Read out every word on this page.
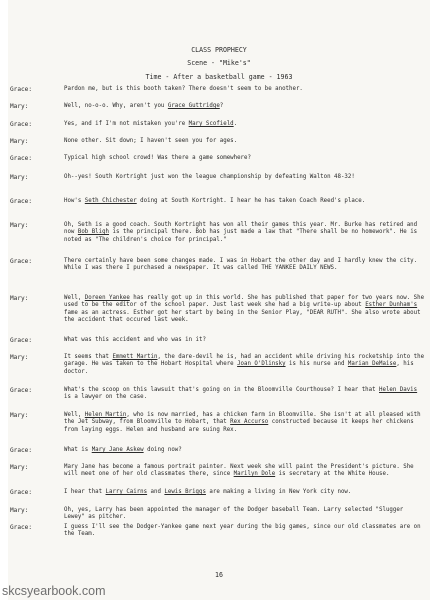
CLASS PROPHECY
Scene - "Mike's"
Time - After a basketball game - 1963
Grace:	Pardon me, but is this booth taken? There doesn't seem to be another.
Mary:	Well, no-o-o. Why, aren't you Grace Guttridge?
Grace:	Yes, and if I'm not mistaken you're Mary Scofield.
Mary:	None other. Sit down; I haven't seen you for ages.
Grace:	Typical high school crowd! Was there a game somewhere?
Mary:	Oh--yes! South Kortright just won the league championship by defeating Walton 48-32!
Grace:	How's Seth Chichester doing at South Kortright. I hear he has taken Coach Reed's place.
Mary:	Oh, Seth is a good coach. South Kortright has won all their games this year. Mr. Burke has retired and now Bob Bligh is the principal there. Bob has just made a law that "There shall be no homework". He is noted as "The children's choice for principal."
Grace:	There certainly have been some changes made. I was in Hobart the other day and I hardly knew the city. While I was there I purchased a newspaper. It was called THE YANKEE DAILY NEWS.
Mary:	Well, Doreen Yankee has really got up in this world. She has published that paper for two years now. She used to be the editor of the school paper. Just last week she had a big write-up about Esther Dunham's fame as an actress. Esther got her start by being in the Senior Play, "DEAR RUTH". She also wrote about the accident that occured last week.
Grace:	What was this accident and who was in it?
Mary:	It seems that Emmett Martin, the dare-devil he is, had an accident while driving his rocketship into the garage. He was taken to the Hobart Hospital where Joan O'Dlinsky is his nurse and Marian DeMaise, his doctor.
Grace:	What's the scoop on this lawsuit that's going on in the Bloomville Courthouse? I hear that Helen Davis is a lawyer on the case.
Mary:	Well, Helen Martin, who is now married, has a chicken farm in Bloomville. She isn't at all pleased with the Jet Subway, from Bloomville to Hobart, that Rex Accurso constructed because it keeps her chickens from laying eggs. Helen and husband are suing Rex.
Grace:	What is Mary Jane Askew doing now?
Mary:	Mary Jane has become a famous portrait painter. Next week she will paint the President's picture. She will meet one of her old classmates there, since Marilyn Dole is secretary at the White House.
Grace:	I hear that Larry Cairns and Lewis Briggs are making a living in New York city now.
Mary:	Oh, yes, Larry has been appointed the manager of the Dodger baseball Team. Larry selected "Slugger Lewey" as pitcher.
Grace:	I guess I'll see the Dodger-Yankee game next year during the big games, since our old classmates are on the Team.
16
skcsyearbook.com
